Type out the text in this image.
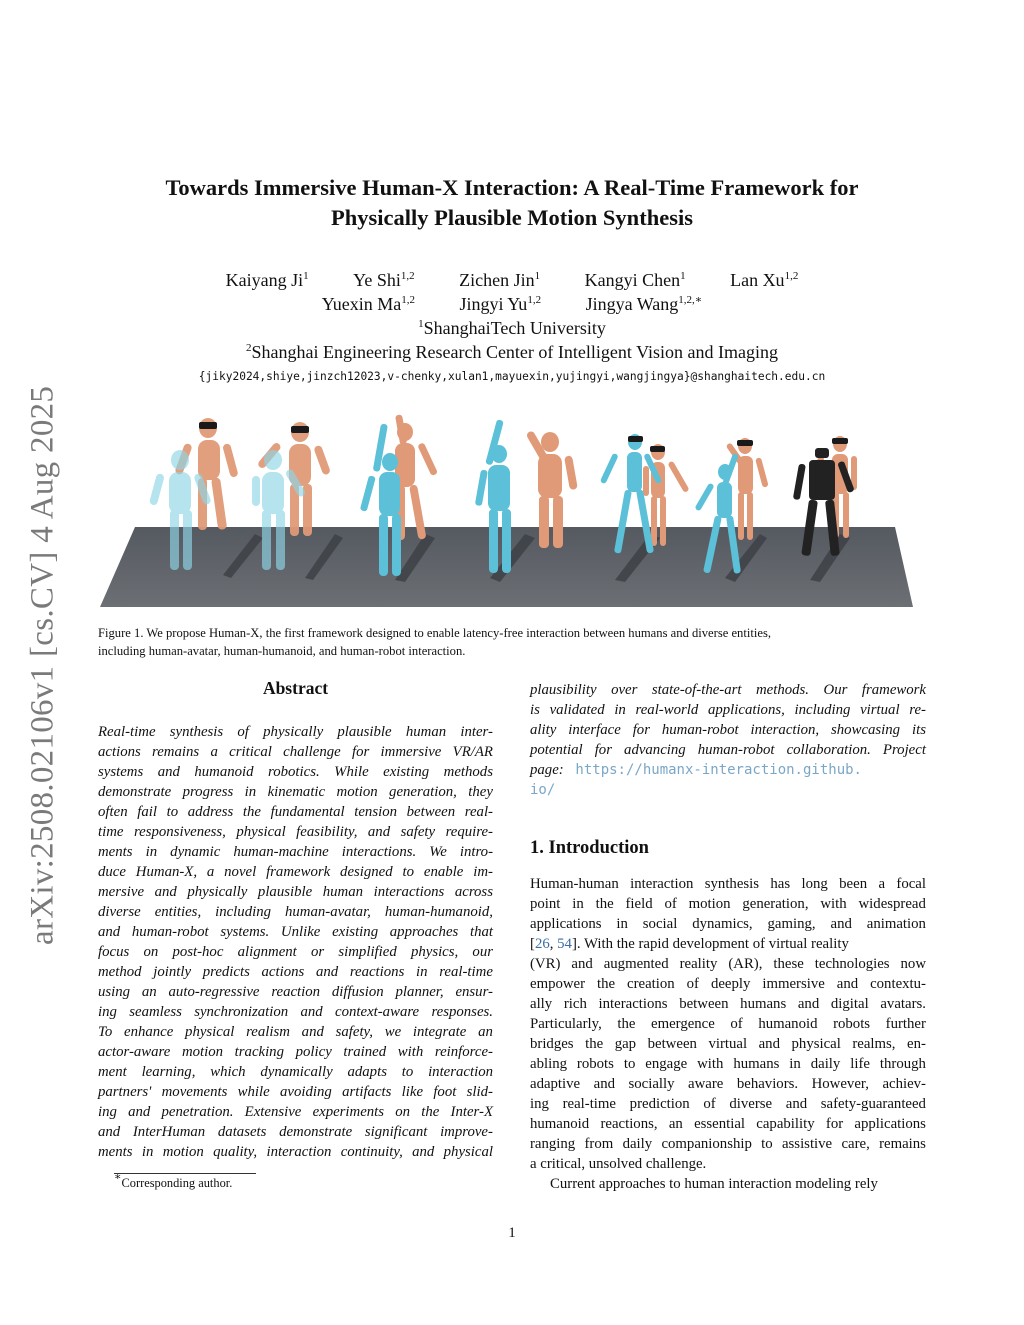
arXiv:2508.02106v1 [cs.CV] 4 Aug 2025
Towards Immersive Human-X Interaction: A Real-Time Framework for
Physically Plausible Motion Synthesis
Kaiyang Ji$^1$ Ye Shi$^{1,2}$ Zichen Jin$^1$ Kangyi Chen$^1$ Lan Xu$^{1,2}$
Yuexin Ma$^{1,2}$ Jingyi Yu$^{1,2}$ Jingya Wang$^{1,2,∗}$
$^1$ShanghaiTech University
$^2$Shanghai Engineering Research Center of Intelligent Vision and Imaging
{jiky2024,shiye,jinzch12023,v-chenky,xulan1,mayuexin,yujingyi,wangjingya}@shanghaitech.edu.cn
Figure 1. We propose Human-X, the first framework designed to enable latency-free interaction between humans and diverse entities,
including human-avatar, human-humanoid, and human-robot interaction.
Abstract
Real-time synthesis of physically plausible human inter-
actions remains a critical challenge for immersive VR/AR
systems and humanoid robotics. While existing methods
demonstrate progress in kinematic motion generation, they
often fail to address the fundamental tension between real-
time responsiveness, physical feasibility, and safety require-
ments in dynamic human-machine interactions. We intro-
duce Human-X, a novel framework designed to enable im-
mersive and physically plausible human interactions across
diverse entities, including human-avatar, human-humanoid,
and human-robot systems. Unlike existing approaches that
focus on post-hoc alignment or simplified physics, our
method jointly predicts actions and reactions in real-time
using an auto-regressive reaction diffusion planner, ensur-
ing seamless synchronization and context-aware responses.
To enhance physical realism and safety, we integrate an
actor-aware motion tracking policy trained with reinforce-
ment learning, which dynamically adapts to interaction
partners' movements while avoiding artifacts like foot slid-
ing and penetration. Extensive experiments on the Inter-X
and InterHuman datasets demonstrate significant improve-
ments in motion quality, interaction continuity, and physical
plausibility over state-of-the-art methods. Our framework
is validated in real-world applications, including virtual re-
ality interface for human-robot interaction, showcasing its
potential for advancing human-robot collaboration. Project
page:
https://humanx-interaction.github.
io/
1. Introduction
Human-human interaction synthesis has long been a focal
point in the field of motion generation, with widespread
applications in social dynamics, gaming, and animation
[26, 54]. With the rapid development of virtual reality
(VR) and augmented reality (AR), these technologies now
empower the creation of deeply immersive and contextu-
ally rich interactions between humans and digital avatars.
Particularly, the emergence of humanoid robots further
bridges the gap between virtual and physical realms, en-
abling robots to engage with humans in daily life through
adaptive and socially aware behaviors. However, achiev-
ing real-time prediction of diverse and safety-guaranteed
humanoid reactions, an essential capability for applications
ranging from daily companionship to assistive care, remains
a critical, unsolved challenge.
Current approaches to human interaction modeling rely
∗Corresponding author.
1
